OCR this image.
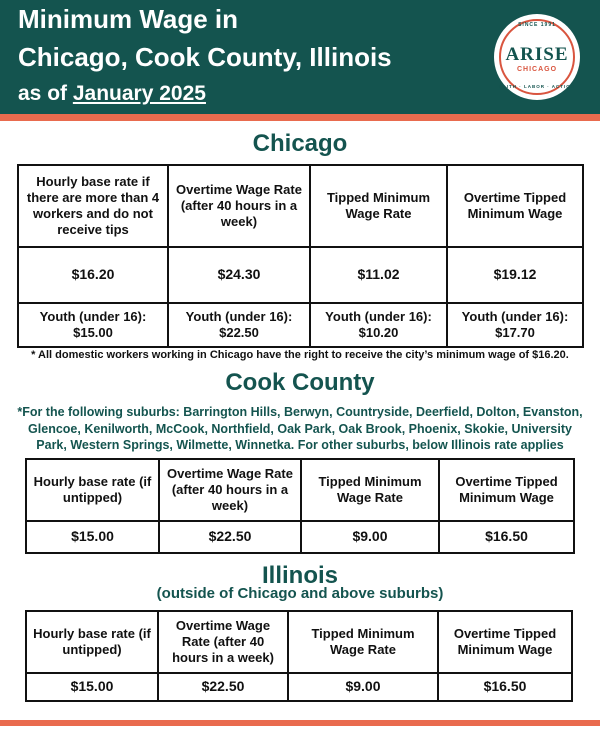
Minimum Wage in
Chicago, Cook County, Illinois
as of January 2025
SINCE 1991
ARISE
CHICAGO
FAITH · LABOR · ACTION
Chicago
Hourly base rate if there are more than 4 workers and do not receive tips	Overtime Wage Rate (after 40 hours in a week)	Tipped Minimum Wage Rate	Overtime Tipped Minimum Wage
$16.20	$24.30	$11.02	$19.12
Youth (under 16): $15.00	Youth (under 16): $22.50	Youth (under 16): $10.20	Youth (under 16): $17.70
* All domestic workers working in Chicago have the right to receive the city’s minimum wage of $16.20.
Cook County
*For the following suburbs: Barrington Hills, Berwyn, Countryside, Deerfield, Dolton, Evanston, Glencoe, Kenilworth, McCook, Northfield, Oak Park, Oak Brook, Phoenix, Skokie, University Park, Western Springs, Wilmette, Winnetka. For other suburbs, below Illinois rate applies
Hourly base rate (if untipped)	Overtime Wage Rate (after 40 hours in a week)	Tipped Minimum Wage Rate	Overtime Tipped Minimum Wage
$15.00	$22.50	$9.00	$16.50
Illinois
(outside of Chicago and above suburbs)
Hourly base rate (if untipped)	Overtime Wage Rate (after 40 hours in a week)	Tipped Minimum Wage Rate	Overtime Tipped Minimum Wage
$15.00	$22.50	$9.00	$16.50
